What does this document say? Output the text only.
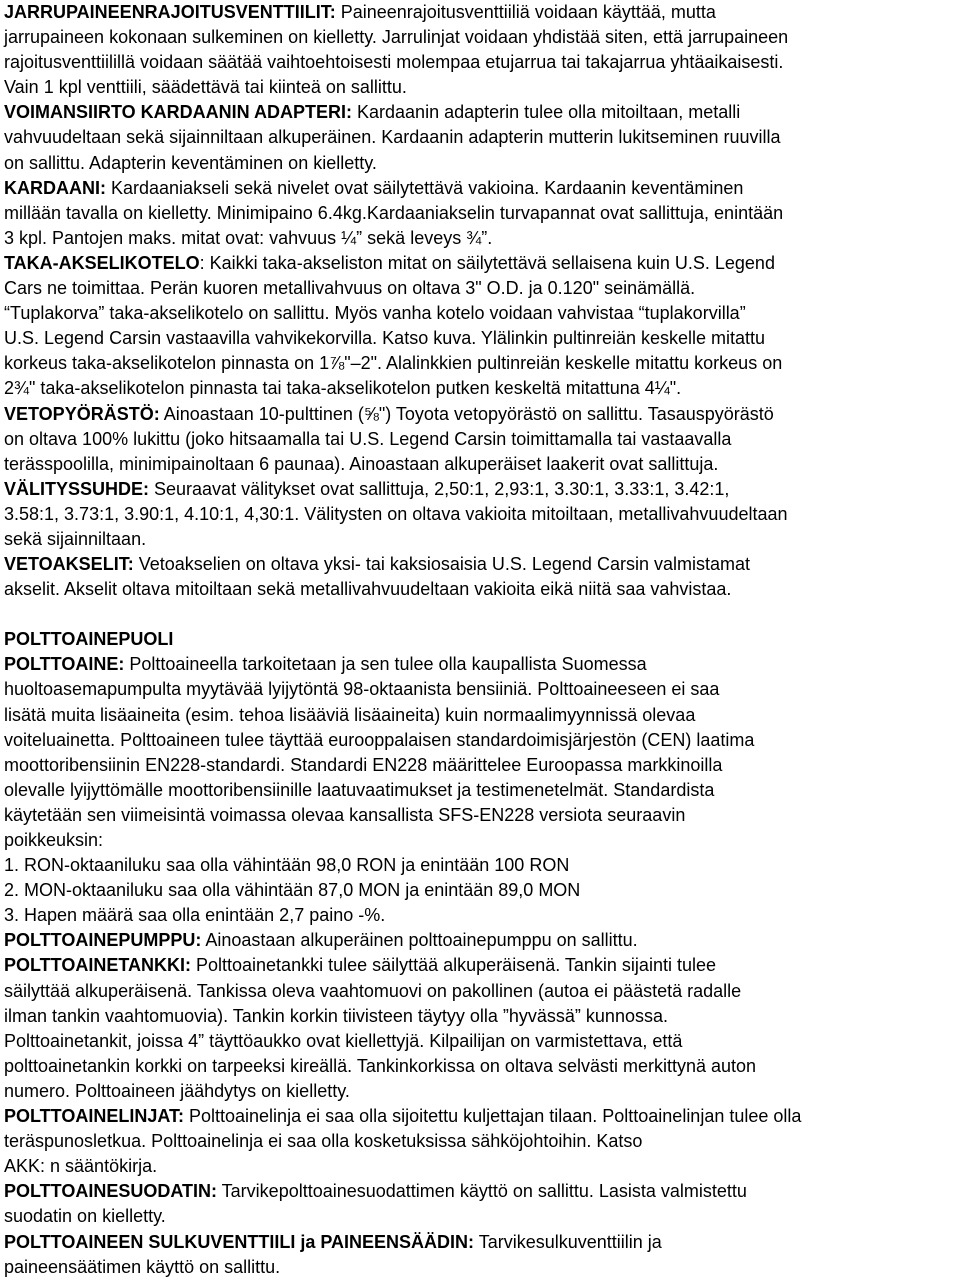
JARRUPAINEENRAJOITUSVENTTIILIT: Paineenrajoitusventtiiliä voidaan käyttää, mutta
jarrupaineen kokonaan sulkeminen on kielletty. Jarrulinjat voidaan yhdistää siten, että jarrupaineen
rajoitusventtiilillä voidaan säätää vaihtoehtoisesti molempaa etujarrua tai takajarrua yhtäaikaisesti.
Vain 1 kpl venttiili, säädettävä tai kiinteä on sallittu.

VOIMANSIIRTO KARDAANIN ADAPTERI: Kardaanin adapterin tulee olla mitoiltaan, metalli
vahvuudeltaan sekä sijainniltaan alkuperäinen. Kardaanin adapterin mutterin lukitseminen ruuvilla
on sallittu. Adapterin keventäminen on kielletty.

KARDAANI: Kardaaniakseli sekä nivelet ovat säilytettävä vakioina. Kardaanin keventäminen
millään tavalla on kielletty. Minimipaino 6.4kg.Kardaaniakselin turvapannat ovat sallittuja, enintään
3 kpl. Pantojen maks. mitat ovat: vahvuus ¼” sekä leveys ¾”.

TAKA-AKSELIKOTELO: Kaikki taka-akseliston mitat on säilytettävä sellaisena kuin U.S. Legend
Cars ne toimittaa. Perän kuoren metallivahvuus on oltava 3" O.D. ja 0.120" seinämällä.
“Tuplakorva” taka-akselikotelo on sallittu. Myös vanha kotelo voidaan vahvistaa “tuplakorvilla”
U.S. Legend Carsin vastaavilla vahvikekorvilla. Katso kuva. Ylälinkin pultinreiän keskelle mitattu
korkeus taka-akselikotelon pinnasta on 1⅞"–2". Alalinkkien pultinreiän keskelle mitattu korkeus on
2¾" taka-akselikotelon pinnasta tai taka-akselikotelon putken keskeltä mitattuna 4¼".

VETOPYÖRÄSTÖ: Ainoastaan 10-pulttinen (⅝") Toyota vetopyörästö on sallittu. Tasauspyörästö
on oltava 100% lukittu (joko hitsaamalla tai U.S. Legend Carsin toimittamalla tai vastaavalla
terässpoolilla, minimipainoltaan 6 paunaa). Ainoastaan alkuperäiset laakerit ovat sallittuja.

VÄLITYSSUHDE: Seuraavat välitykset ovat sallittuja, 2,50:1, 2,93:1, 3.30:1, 3.33:1, 3.42:1,
3.58:1, 3.73:1, 3.90:1, 4.10:1, 4,30:1. Välitysten on oltava vakioita mitoiltaan, metallivahvuudeltaan
sekä sijainniltaan.

VETOAKSELIT: Vetoakselien on oltava yksi- tai kaksiosaisia U.S. Legend Carsin valmistamat
akselit. Akselit oltava mitoiltaan sekä metallivahvuudeltaan vakioita eikä niitä saa vahvistaa.

POLTTOAINEPUOLI

POLTTOAINE: Polttoaineella tarkoitetaan ja sen tulee olla kaupallista Suomessa
huoltoasemapumpulta myytävää lyijytöntä 98-oktaanista bensiiniä. Polttoaineeseen ei saa
lisätä muita lisäaineita (esim. tehoa lisääviä lisäaineita) kuin normaalimyynnissä olevaa
voiteluainetta. Polttoaineen tulee täyttää eurooppalaisen standardoimisjärjestön (CEN) laatima
moottoribensiinin EN228-standardi. Standardi EN228 määrittelee Euroopassa markkinoilla
olevalle lyijyttömälle moottoribensiinille laatuvaatimukset ja testimenetelmät. Standardista
käytetään sen viimeisintä voimassa olevaa kansallista SFS-EN228 versiota seuraavin
poikkeuksin:
1. RON-oktaaniluku saa olla vähintään 98,0 RON ja enintään 100 RON
2. MON-oktaaniluku saa olla vähintään 87,0 MON ja enintään 89,0 MON
3. Hapen määrä saa olla enintään 2,7 paino -%.

POLTTOAINEPUMPPU: Ainoastaan alkuperäinen polttoainepumppu on sallittu.

POLTTOAINETANKKI: Polttoainetankki tulee säilyttää alkuperäisenä. Tankin sijainti tulee
säilyttää alkuperäisenä. Tankissa oleva vaahtomuovi on pakollinen (autoa ei päästetä radalle
ilman tankin vaahtomuovia). Tankin korkin tiivisteen täytyy olla ”hyvässä” kunnossa.
Polttoainetankit, joissa 4” täyttöaukko ovat kiellettyjä. Kilpailijan on varmistettava, että
polttoainetankin korkki on tarpeeksi kireällä. Tankinkorkissa on oltava selvästi merkittynä auton
numero. Polttoaineen jäähdytys on kielletty.

POLTTOAINELINJAT: Polttoainelinja ei saa olla sijoitettu kuljettajan tilaan. Polttoainelinjan tulee olla
teräspunosletkua. Polttoainelinja ei saa olla kosketuksissa sähköjohtoihin. Katso
AKK: n sääntökirja.

POLTTOAINESUODATIN: Tarvikepolttoainesuodattimen käyttö on sallittu. Lasista valmistettu
suodatin on kielletty.

POLTTOAINEEN SULKUVENTTIILI ja PAINEENSÄÄDIN: Tarvikesulkuventtiilin ja
paineensäätimen käyttö on sallittu.
